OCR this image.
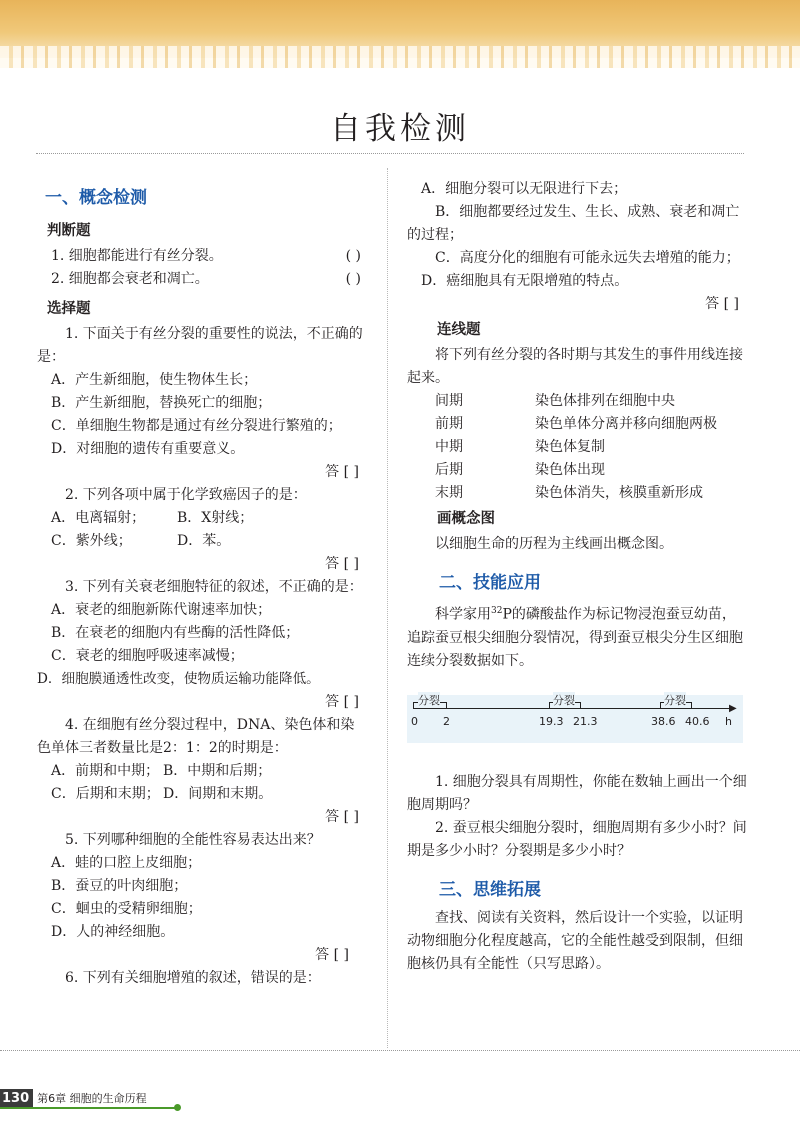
自我检测
一、概念检测
判断题
1. 细胞都能进行有丝分裂。	( )
2. 细胞都会衰老和凋亡。	( )
选择题

1. 下面关于有丝分裂的重要性的说法，不正确的是：

A．产生新细胞，使生物体生长；

B．产生新细胞，替换死亡的细胞；

C．单细胞生物都是通过有丝分裂进行繁殖的；

D．对细胞的遗传有重要意义。

答 [ ]

2. 下列各项中属于化学致癌因子的是：

A．电离辐射；	B．X射线；
C．紫外线；	D．苯。

答 [ ]

3. 下列有关衰老细胞特征的叙述，不正确的是：

A．衰老的细胞新陈代谢速率加快；

B．在衰老的细胞内有些酶的活性降低；

C．衰老的细胞呼吸速率减慢；

D．细胞膜通透性改变，使物质运输功能降低。

答 [ ]

4. 在细胞有丝分裂过程中，DNA、染色体和染色单体三者数量比是2：1：2的时期是：

A．前期和中期； B．中期和后期；
C．后期和末期； D．间期和末期。

答 [ ]

5. 下列哪种细胞的全能性容易表达出来？

A．蛙的口腔上皮细胞；

B．蚕豆的叶肉细胞；

C．蛔虫的受精卵细胞；

D．人的神经细胞。

答 [ ]

6. 下列有关细胞增殖的叙述，错误的是：

A．细胞分裂可以无限进行下去；

B．细胞都要经过发生、生长、成熟、衰老和凋亡的过程；

C．高度分化的细胞有可能永远失去增殖的能力；

D．癌细胞具有无限增殖的特点。

答 [ ]

连线题

将下列有丝分裂的各时期与其发生的事件用线连接起来。

间期	染色体排列在细胞中央
前期	染色单体分离并移向细胞两极
中期	染色体复制
后期	染色体出现
末期	染色体消失，核膜重新形成
画概念图

以细胞生命的历程为主线画出概念图。

二、技能应用

科学家用$^{32}$P的磷酸盐作为标记物浸泡蚕豆幼苗，追踪蚕豆根尖细胞分裂情况，得到蚕豆根尖分生区细胞连续分裂数据如下。

▶
分裂	分裂	分裂
0 2	19.3 21.3	38.6 40.6 h

1. 细胞分裂具有周期性，你能在数轴上画出一个细胞周期吗？

2. 蚕豆根尖细胞分裂时，细胞周期有多少小时？间期是多少小时？分裂期是多少小时？

三、思维拓展

查找、阅读有关资料，然后设计一个实验，以证明动物细胞分化程度越高，它的全能性越受到限制，但细胞核仍具有全能性（只写思路）。

130 第6章 细胞的生命历程
